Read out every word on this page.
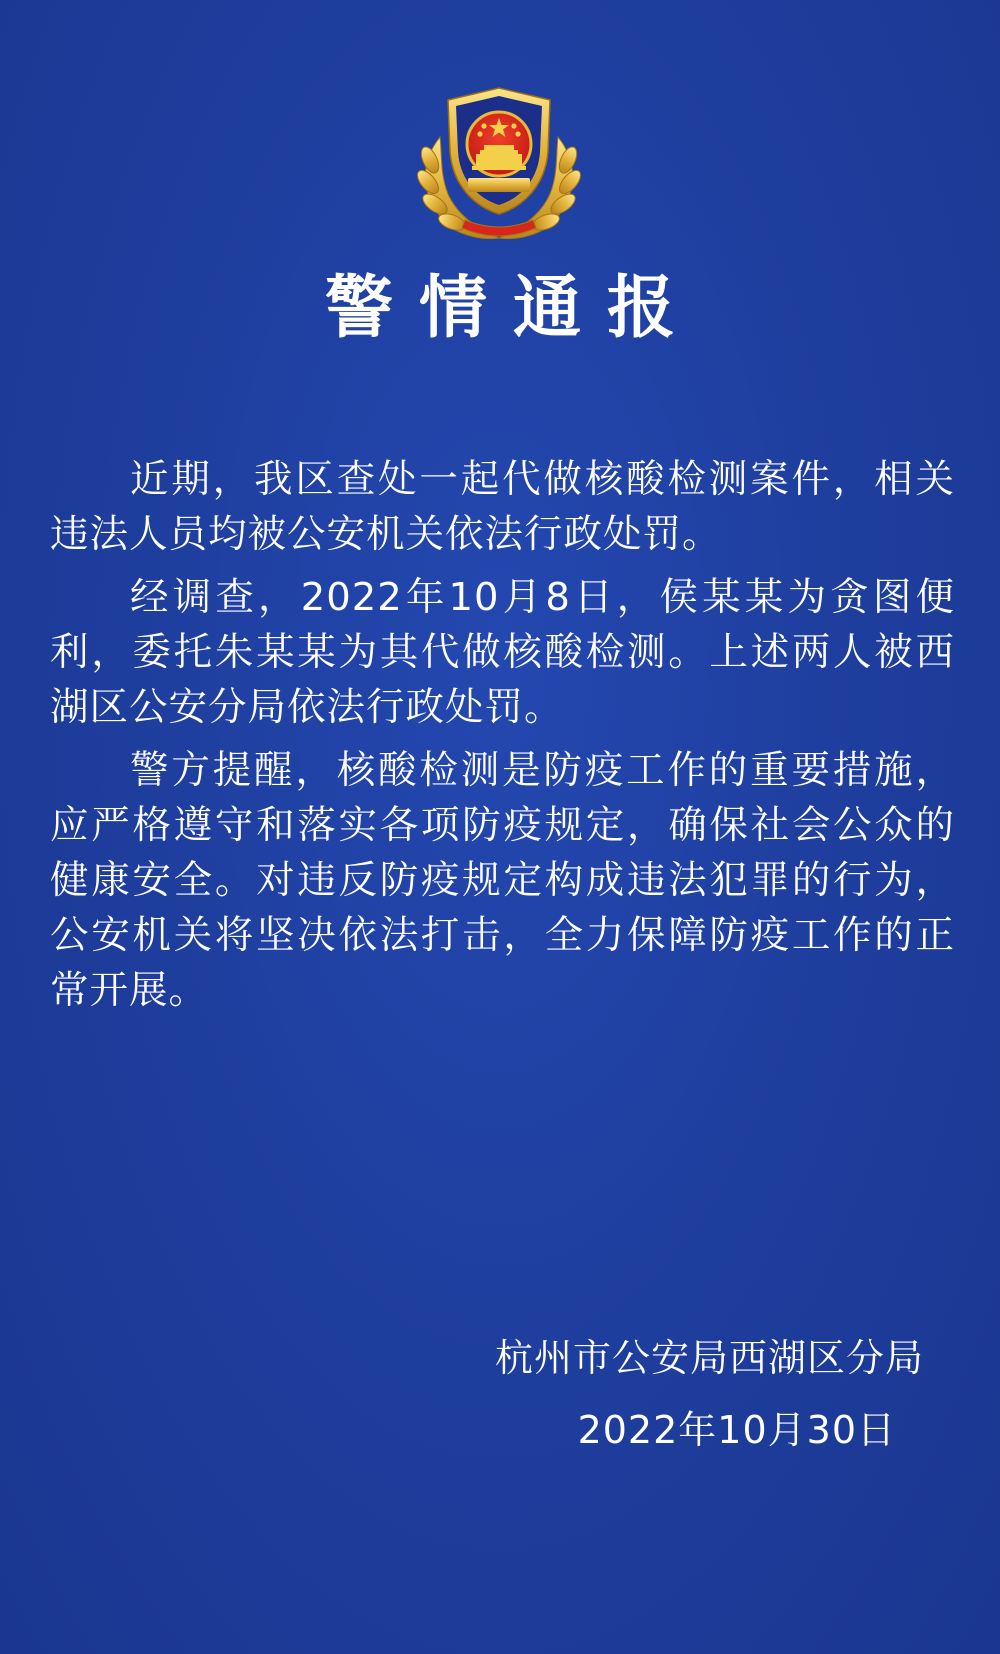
警情通报

近期，我区查处一起代做核酸检测案件，相关违法人员均被公安机关依法行政处罚。

经调查，2022年10月8日，侯某某为贪图便利，委托朱某某为其代做核酸检测。上述两人被西湖区公安分局依法行政处罚。

警方提醒，核酸检测是防疫工作的重要措施，应严格遵守和落实各项防疫规定，确保社会公众的健康安全。对违反防疫规定构成违法犯罪的行为，公安机关将坚决依法打击，全力保障防疫工作的正常开展。

杭州市公安局西湖区分局
2022年10月30日
